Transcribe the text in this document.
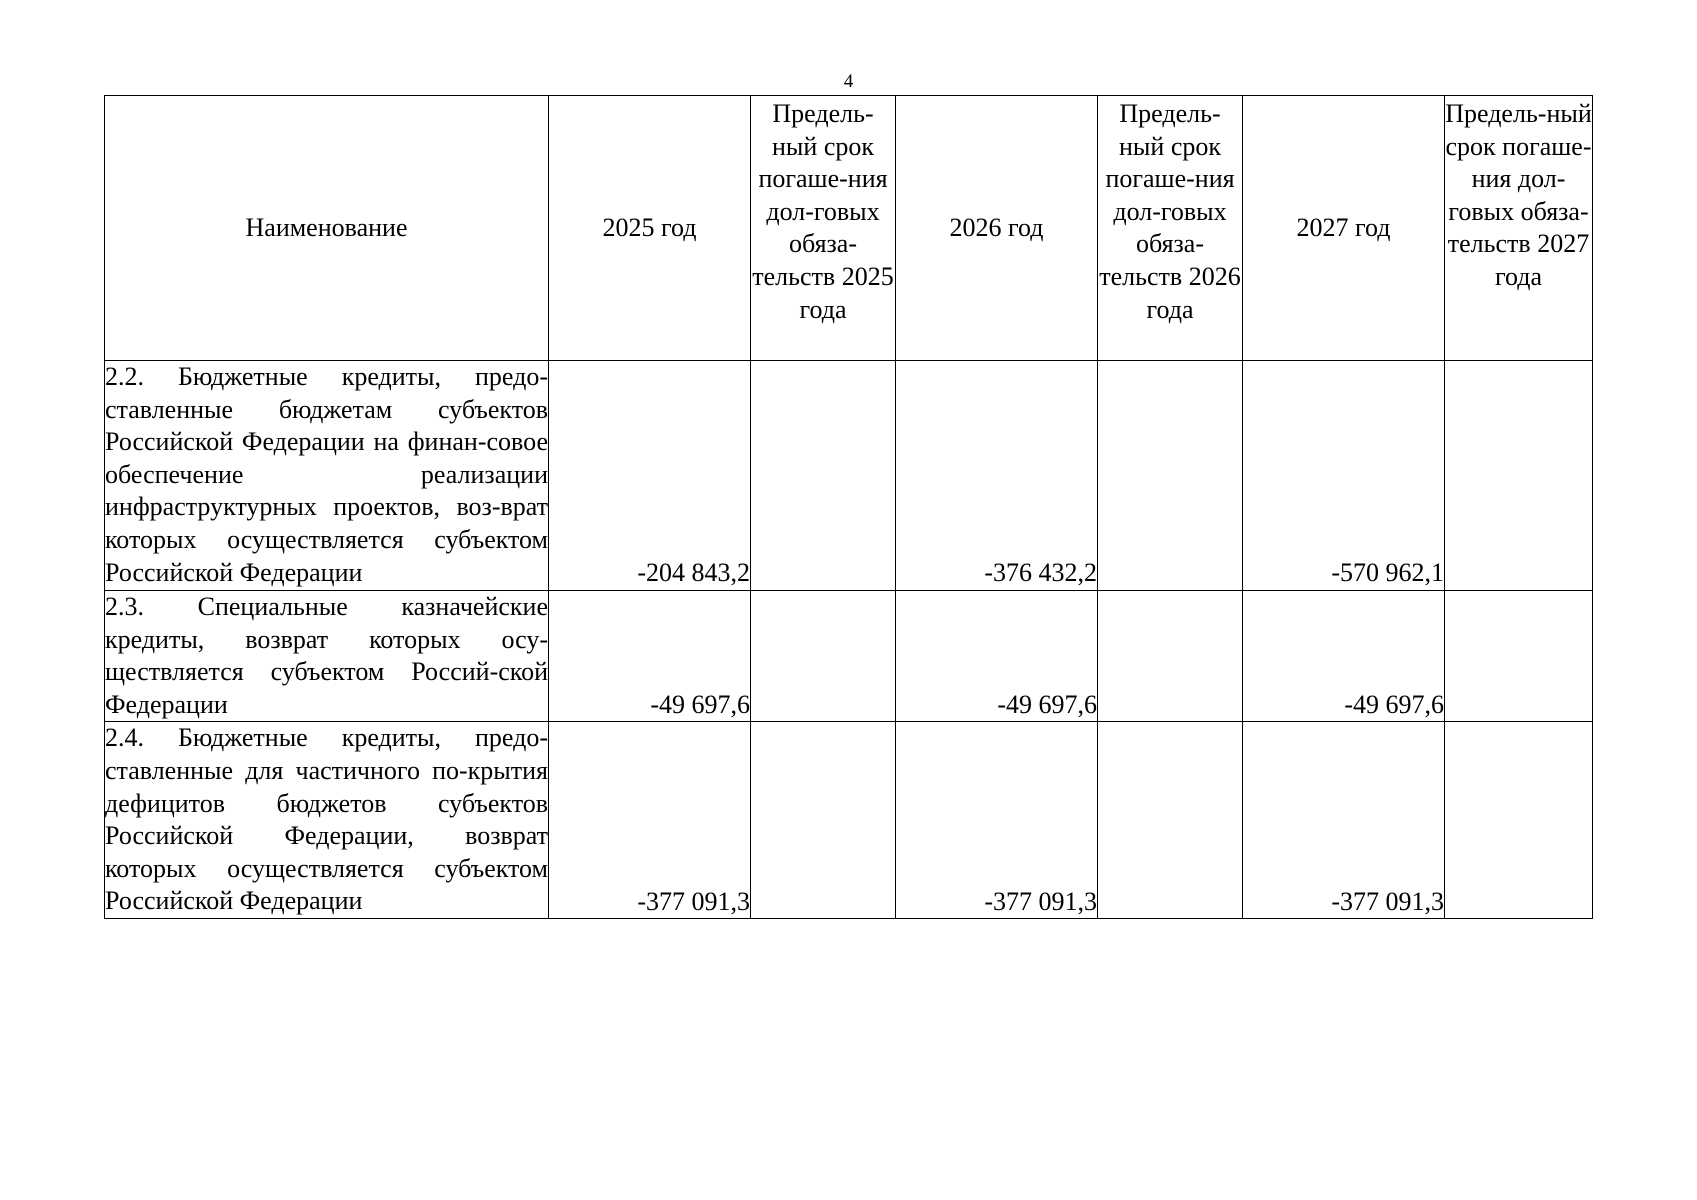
4
Наименование	2025 год	Предель-ный срок погаше-ния дол-говых обяза-тельств 2025 года	2026 год	Предель-ный срок погаше-ния дол-говых обяза-тельств 2026 года	2027 год	Предель-ный срок погаше-ния дол-говых обяза-тельств 2027 года
2.2. Бюджетные кредиты, предо-ставленные бюджетам субъектов Российской Федерации на финан-совое обеспечение реализации инфраструктурных проектов, воз-врат которых осуществляется субъектом Российской Федерации	-204 843,2		-376 432,2		-570 962,1	
2.3. Специальные казначейские кредиты, возврат которых осу-ществляется субъектом Россий-ской Федерации	-49 697,6		-49 697,6		-49 697,6	
2.4. Бюджетные кредиты, предо-ставленные для частичного по-крытия дефицитов бюджетов субъектов Российской Федерации, возврат которых осуществляется субъектом Российской Федерации	-377 091,3		-377 091,3		-377 091,3	
